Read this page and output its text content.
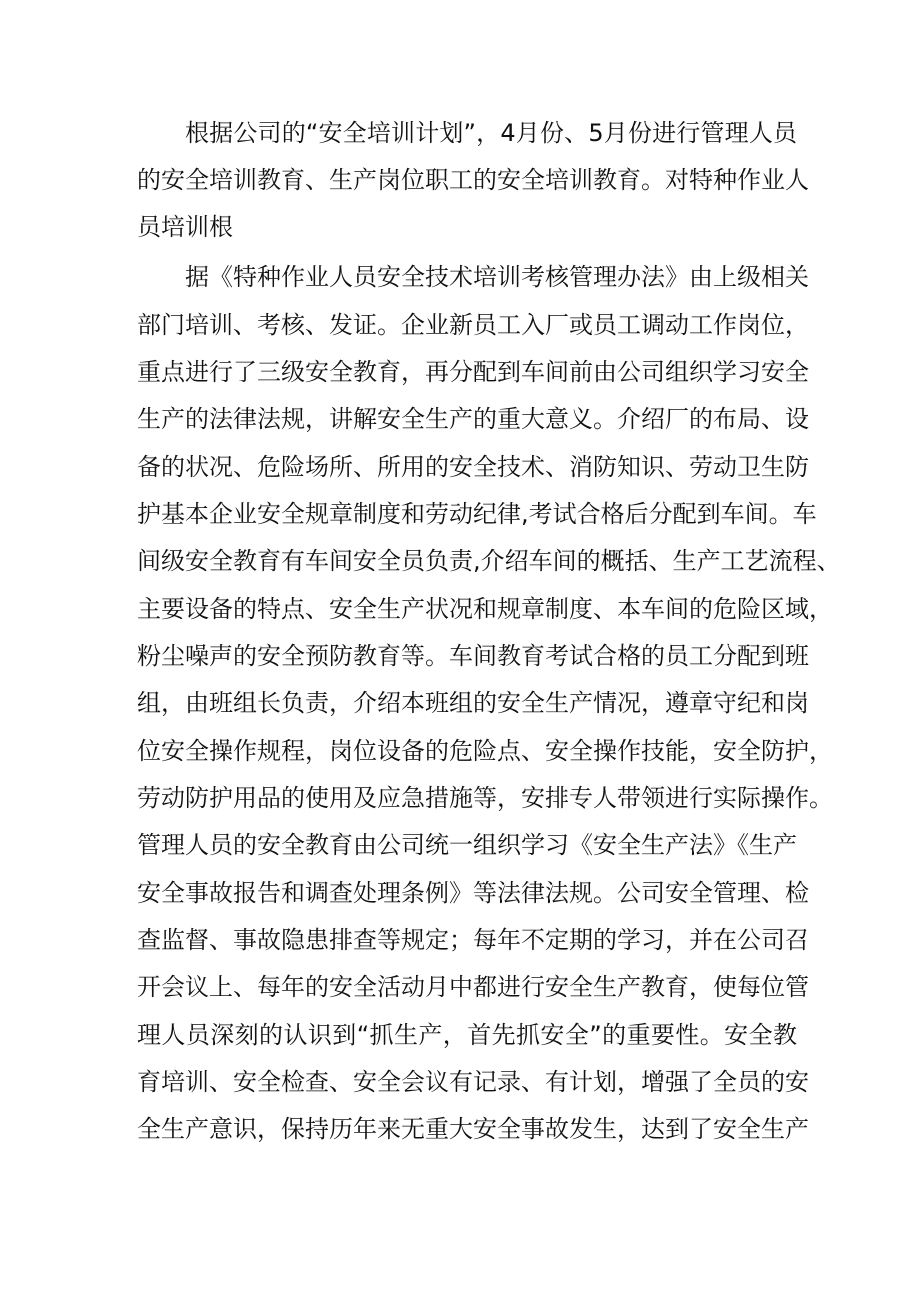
根据公司的“安全培训计划”，4月份、5月份进行管理人员
的安全培训教育、生产岗位职工的安全培训教育。对特种作业人
员培训根
据《特种作业人员安全技术培训考核管理办法》由上级相关
部门培训、考核、发证。企业新员工入厂或员工调动工作岗位，
重点进行了三级安全教育，再分配到车间前由公司组织学习安全
生产的法律法规，讲解安全生产的重大意义。介绍厂的布局、设
备的状况、危险场所、所用的安全技术、消防知识、劳动卫生防
护基本企业安全规章制度和劳动纪律,考试合格后分配到车间。车
间级安全教育有车间安全员负责,介绍车间的概括、生产工艺流程、
主要设备的特点、安全生产状况和规章制度、本车间的危险区域，
粉尘噪声的安全预防教育等。车间教育考试合格的员工分配到班
组，由班组长负责，介绍本班组的安全生产情况，遵章守纪和岗
位安全操作规程，岗位设备的危险点、安全操作技能，安全防护，
劳动防护用品的使用及应急措施等，安排专人带领进行实际操作。
管理人员的安全教育由公司统一组织学习《安全生产法》《生产
安全事故报告和调查处理条例》等法律法规。公司安全管理、检
查监督、事故隐患排查等规定；每年不定期的学习，并在公司召
开会议上、每年的安全活动月中都进行安全生产教育，使每位管
理人员深刻的认识到“抓生产，首先抓安全”的重要性。安全教
育培训、安全检查、安全会议有记录、有计划，增强了全员的安
全生产意识，保持历年来无重大安全事故发生，达到了安全生产
